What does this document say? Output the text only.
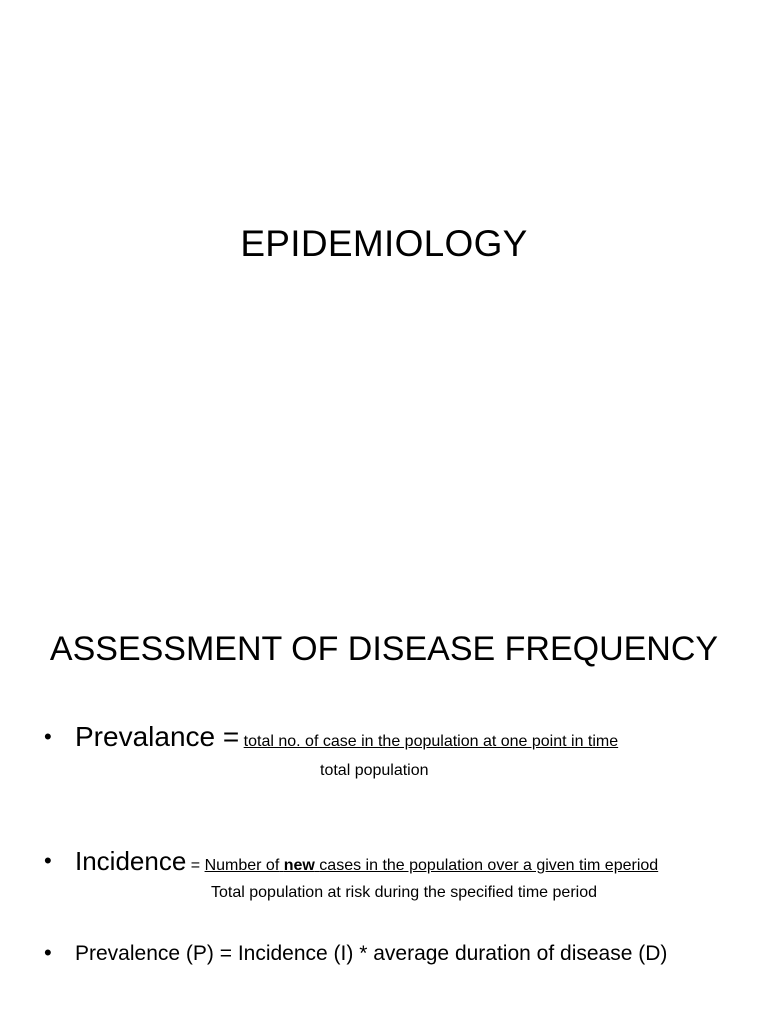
EPIDEMIOLOGY
ASSESSMENT OF DISEASE FREQUENCY
• Prevalance = total no. of case in the population at one point in time
total population
• Incidence = Number of new cases in the population over a given tim eperiod
Total population at risk during the specified time period
•	Prevalence (P) = Incidence (I) * average duration of disease (D)
